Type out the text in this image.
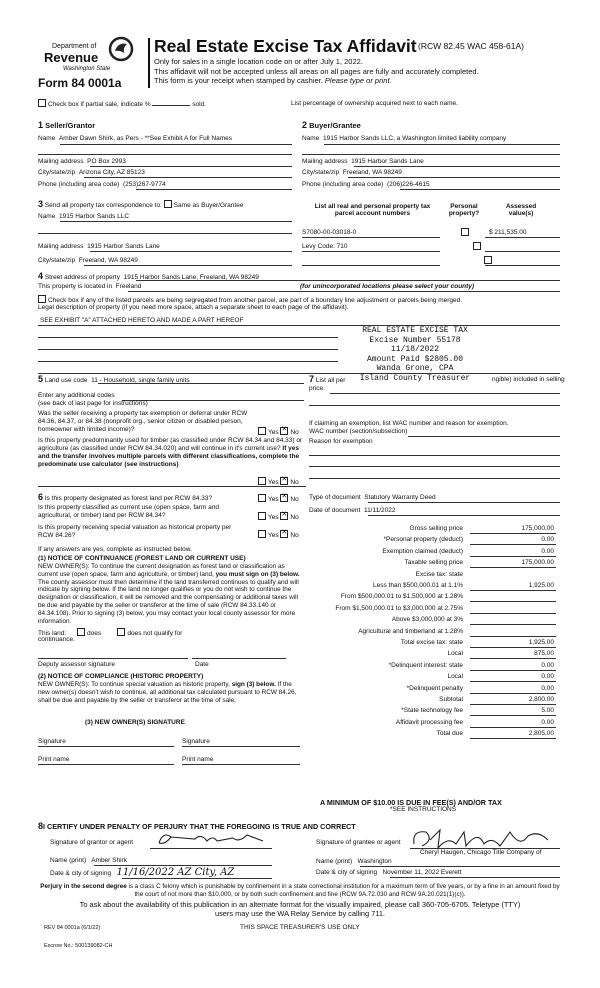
Department of
Revenue
Washington State
Form 84 0001a
Real Estate Excise Tax Affidavit (RCW 82.45 WAC 458-61A)
Only for sales in a single location code on or after July 1, 2022.
This affidavit will not be accepted unless all areas on all pages are fully and accurately completed.
This form is your receipt when stamped by cashier. Please type or print.
Check box if partial sale, indicate %	sold.	List percentage of ownership acquired next to each name.
1 Seller/Grantor
Name Amber Dawn Shirk, as Pers - **See Exhibit A for Full Names
Mailing address PO Box 2993
City/state/zip Arizona City, AZ 85123
Phone (including area code) (253)267-9774
2 Buyer/Grantee
Name 1915 Harbor Sands LLC, a Washington limited liability company
Mailing address 1915 Harbor Sands Lane
City/state/zip Freeland, WA 98249
Phone (including area code) (206)226-4615
3 Send all property tax correspondence to: Same as Buyer/Grantee
Name 1915 Harbor Sands LLC
Mailing address 1915 Harbor Sands Lane
City/state/zip Freeland, WA 98249
List all real and personal property tax
parcel account numbers
Personal
property?
Assessed
value(s)
S7080-00-03018-0
	$ 211,535.00
Levy Code: 710

4 Street address of property 1915 Harbor Sands Lane, Freeland, WA 98249
This property is located in Freeland	(for unincorporated locations please select your county)
Check box if any of the listed parcels are being segregated from another parcel, are part of a boundary line adjustment or parcels being merged.
Legal description of property (if you need more space, attach a separate sheet to each page of the affidavit).
SEE EXHIBIT "A" ATTACHED HERETO AND MADE A PART HEREOF
REAL ESTATE EXCISE TAX
Excise Number 55178
11/18/2022
Amount Paid $2805.00
Wanda Grone, CPA
Island County Treasurer
5 Land use code 11 - Household, single family units
Enter any additional codes
(see back of last page for instructions)
Was the seller receiving a property tax exemption or deferral under RCW 84.36, 84.37, or 84.38 (nonprofit org., senior citizen or disabled person, homeowner with limited income)?	Yes ✕ No
Is this property predominantly used for timber (as classified under RCW 84.34 and 84.33) or agriculture (as classified under RCW 84.34.020) and will continue in it's current use? If yes and the transfer involves multiple parcels with different classifications, complete the predominate use calculator (see instructions)
Yes ✕ No
7 List all per	ngible) included in selling
price.
If claiming an exemption, list WAC number and reason for exemption.
WAC number (section/subsection)
Reason for exemption
6 Is this property designated as forest land per RCW 84.33?	Yes ✕ No
Is this property classified as current use (open space, farm and agricultural, or timber) land per RCW 84.34?	Yes ✕ No
Is this property receiving special valuation as historical property per RCW 84.26?	Yes ✕ No
If any answers are yes, complete as instructed below.
(1) NOTICE OF CONTINUANCE (FOREST LAND OR CURRENT USE)
NEW OWNER(S): To continue the current designation as forest land or classification as current use (open space, farm and agriculture, or timber) land, you must sign on (3) below. The county assessor must then determine if the land transferred continues to qualify and will indicate by signing below. If the land no longer qualifies or you do not wish to continue the designation or classification, it will be removed and the compensating or additional taxes will be due and payable by the seller or transferor at the time of sale (RCW 84.33.140 or 84.34.108). Prior to signing (3) below, you may contact your local county assessor for more information.
This land:	does	does not qualify for
continuance.
Deputy assessor signature	Date
(2) NOTICE OF COMPLIANCE (HISTORIC PROPERTY)
NEW OWNER(S): To continue special valuation as historic property, sign (3) below. If the new owner(s) doesn't wish to continue, all additional tax calculated pursuant to RCW 84.26, shall be due and payable by the seller or transferor at the time of sale.
(3) NEW OWNER(S) SIGNATURE
Signature	Signature
Print name	Print name
Type of document Statutory Warranty Deed
Date of document 11/11/2022
Gross selling price	175,000.00
*Personal property (deduct)	0.00
Exemption claimed (deduct)	0.00
Taxable selling price	175,000.00
Excise tax: state
Less than $500,000.01 at 1.1%	1,925.00
From $500,000.01 to $1,500,000 at 1.28%
From $1,500,000.01 to $3,000,000 at 2.75%
Above $3,000,000 at 3%
Agricultural and timberland at 1.28%
Total excise tax: state	1,925.00
Local	875.00
*Delinquent interest: state	0.00
Local	0.00
*Delinquent penalty	0.00
Subtotal	2,800.00
*State technology fee	5.00
Affidavit processing fee	0.00
Total due	2,805.00
A MINIMUM OF $10.00 IS DUE IN FEE(S) AND/OR TAX
*SEE INSTRUCTIONS
8I CERTIFY UNDER PENALTY OF PERJURY THAT THE FOREGOING IS TRUE AND CORRECT
Signature of grantor or agent
Name (print) Amber Shirk
Date & city of signing 11/16/2022 AZ City, AZ
Signature of grantee or agent
Cheryl Haugen, Chicago Title Company of
Name (print) Washington
Date & city of signing November 11, 2022 Everett
Perjury in the second degree is a class C felony which is punishable by confinement in a state correctional institution for a maximum term of five years, or by a fine in an amount fixed by the court of not more than $10,000, or by both such confinement and fine (RCW 9A.72.030 and RCW 9A.20.021(1)(c)).
To ask about the availability of this publication in an alternate format for the visually impaired, please call 360-705-6705. Teletype (TTY) users may use the WA Relay Service by calling 711.
REV 84 0001a (6/1/22)	THIS SPACE TREASURER'S USE ONLY
Escrow No.: 500139082-CH
